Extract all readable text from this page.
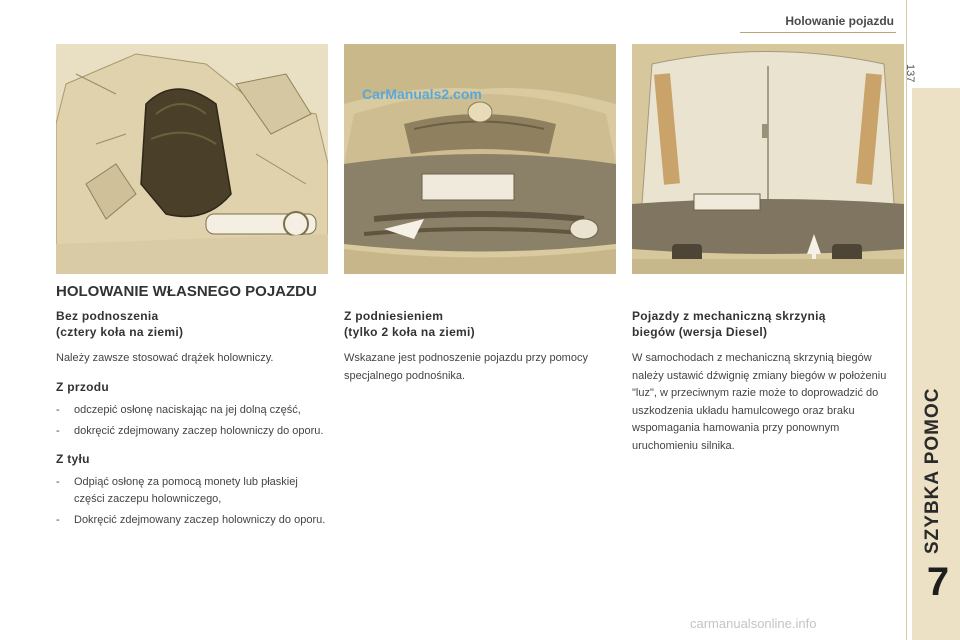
Holowanie pojazdu
137
SZYBKA POMOC
7
CarManuals2.com
HOLOWANIE WŁASNEGO POJAZDU
Bez podnoszenia
(cztery koła na ziemi)

Należy zawsze stosować drążek holowniczy.

Z przodu
- odczepić osłonę naciskając na jej dolną część,
- dokręcić zdejmowany zaczep holowniczy do oporu.
Z tyłu
- Odpiąć osłonę za pomocą monety lub płaskiej części zaczepu holowniczego,
- Dokręcić zdejmowany zaczep holowniczy do oporu.
Z podniesieniem
(tylko 2 koła na ziemi)

Wskazane jest podnoszenie pojazdu przy pomocy specjalnego podnośnika.

Pojazdy z mechaniczną skrzynią
biegów (wersja Diesel)

W samochodach z mechaniczną skrzynią biegów należy ustawić dźwignię zmiany biegów w położeniu "luz", w przeciwnym razie może to doprowadzić do uszkodzenia układu hamulcowego oraz braku wspomagania hamowania przy ponownym uruchomieniu silnika.

carmanualsonline.info
